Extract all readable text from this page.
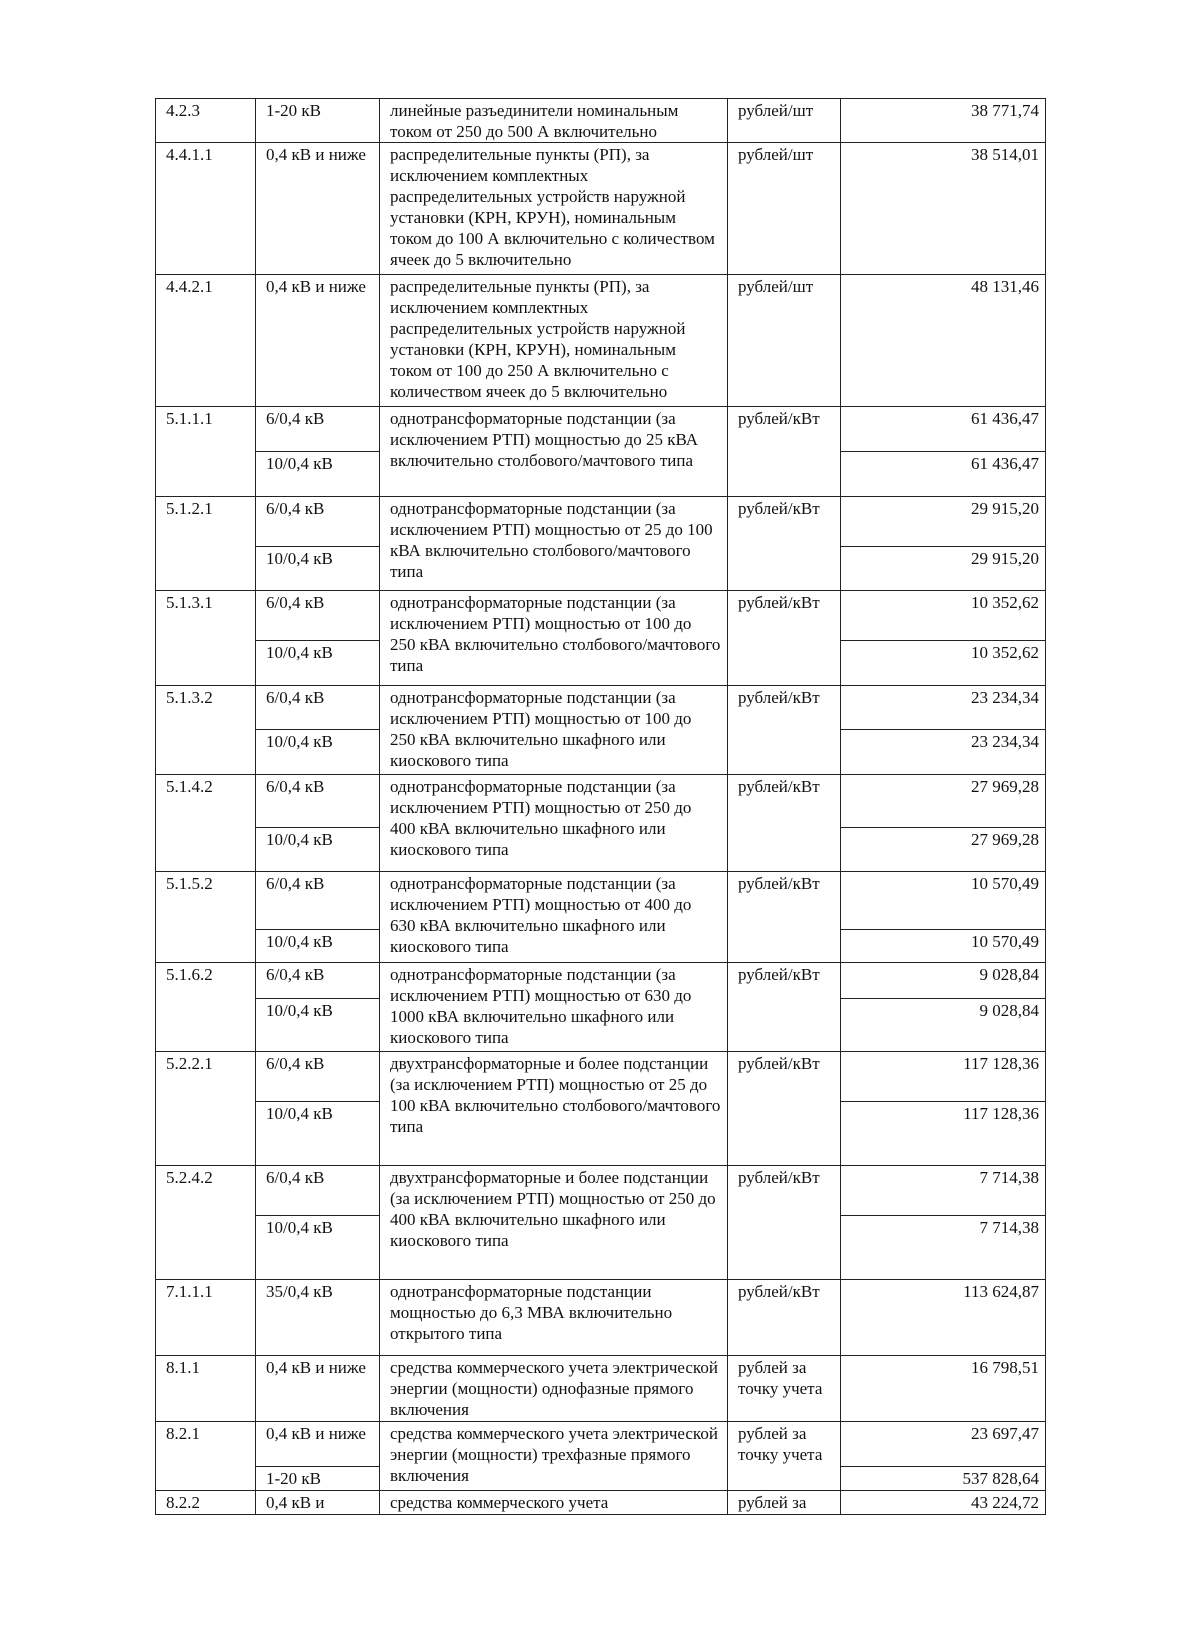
4.2.3	1-20 кВ	линейные разъединители номинальным током от 250 до 500 А включительно	рублей/шт	38 771,74
4.4.1.1	0,4 кВ и ниже	распределительные пункты (РП), за исключением комплектных распределительных устройств наружной установки (КРН, КРУН), номинальным током до 100 А включительно с количеством ячеек до 5 включительно	рублей/шт	38 514,01
4.4.2.1	0,4 кВ и ниже	распределительные пункты (РП), за исключением комплектных распределительных устройств наружной установки (КРН, КРУН), номинальным током от 100 до 250 А включительно с количеством ячеек до 5 включительно	рублей/шт	48 131,46
5.1.1.1	6/0,4 кВ	однотрансформаторные подстанции (за исключением РТП) мощностью до 25 кВА включительно столбового/мачтового типа	рублей/кВт	61 436,47
	10/0,4 кВ			61 436,47
5.1.2.1	6/0,4 кВ	однотрансформаторные подстанции (за исключением РТП) мощностью от 25 до 100 кВА включительно столбового/мачтового типа	рублей/кВт	29 915,20
	10/0,4 кВ			29 915,20
5.1.3.1	6/0,4 кВ	однотрансформаторные подстанции (за исключением РТП) мощностью от 100 до 250 кВА включительно столбового/мачтового типа	рублей/кВт	10 352,62
	10/0,4 кВ			10 352,62
5.1.3.2	6/0,4 кВ	однотрансформаторные подстанции (за исключением РТП) мощностью от 100 до 250 кВА включительно шкафного или киоскового типа	рублей/кВт	23 234,34
	10/0,4 кВ			23 234,34
5.1.4.2	6/0,4 кВ	однотрансформаторные подстанции (за исключением РТП) мощностью от 250 до 400 кВА включительно шкафного или киоскового типа	рублей/кВт	27 969,28
	10/0,4 кВ			27 969,28
5.1.5.2	6/0,4 кВ	однотрансформаторные подстанции (за исключением РТП) мощностью от 400 до 630 кВА включительно шкафного или киоскового типа	рублей/кВт	10 570,49
	10/0,4 кВ			10 570,49
5.1.6.2	6/0,4 кВ	однотрансформаторные подстанции (за исключением РТП) мощностью от 630 до 1000 кВА включительно шкафного или киоскового типа	рублей/кВт	9 028,84
	10/0,4 кВ			9 028,84
5.2.2.1	6/0,4 кВ	двухтрансформаторные и более подстанции (за исключением РТП) мощностью от 25 до 100 кВА включительно столбового/мачтового типа	рублей/кВт	117 128,36
	10/0,4 кВ			117 128,36
5.2.4.2	6/0,4 кВ	двухтрансформаторные и более подстанции (за исключением РТП) мощностью от 250 до 400 кВА включительно шкафного или киоскового типа	рублей/кВт	7 714,38
	10/0,4 кВ			7 714,38
7.1.1.1	35/0,4 кВ	однотрансформаторные подстанции мощностью до 6,3 МВА включительно открытого типа	рублей/кВт	113 624,87
8.1.1	0,4 кВ и ниже	средства коммерческого учета электрической энергии (мощности) однофазные прямого включения	рублей за точку учета	16 798,51
8.2.1	0,4 кВ и ниже	средства коммерческого учета электрической энергии (мощности) трехфазные прямого включения	рублей за точку учета	23 697,47
	1-20 кВ			537 828,64
8.2.2	0,4 кВ и	средства коммерческого учета	рублей за	43 224,72
